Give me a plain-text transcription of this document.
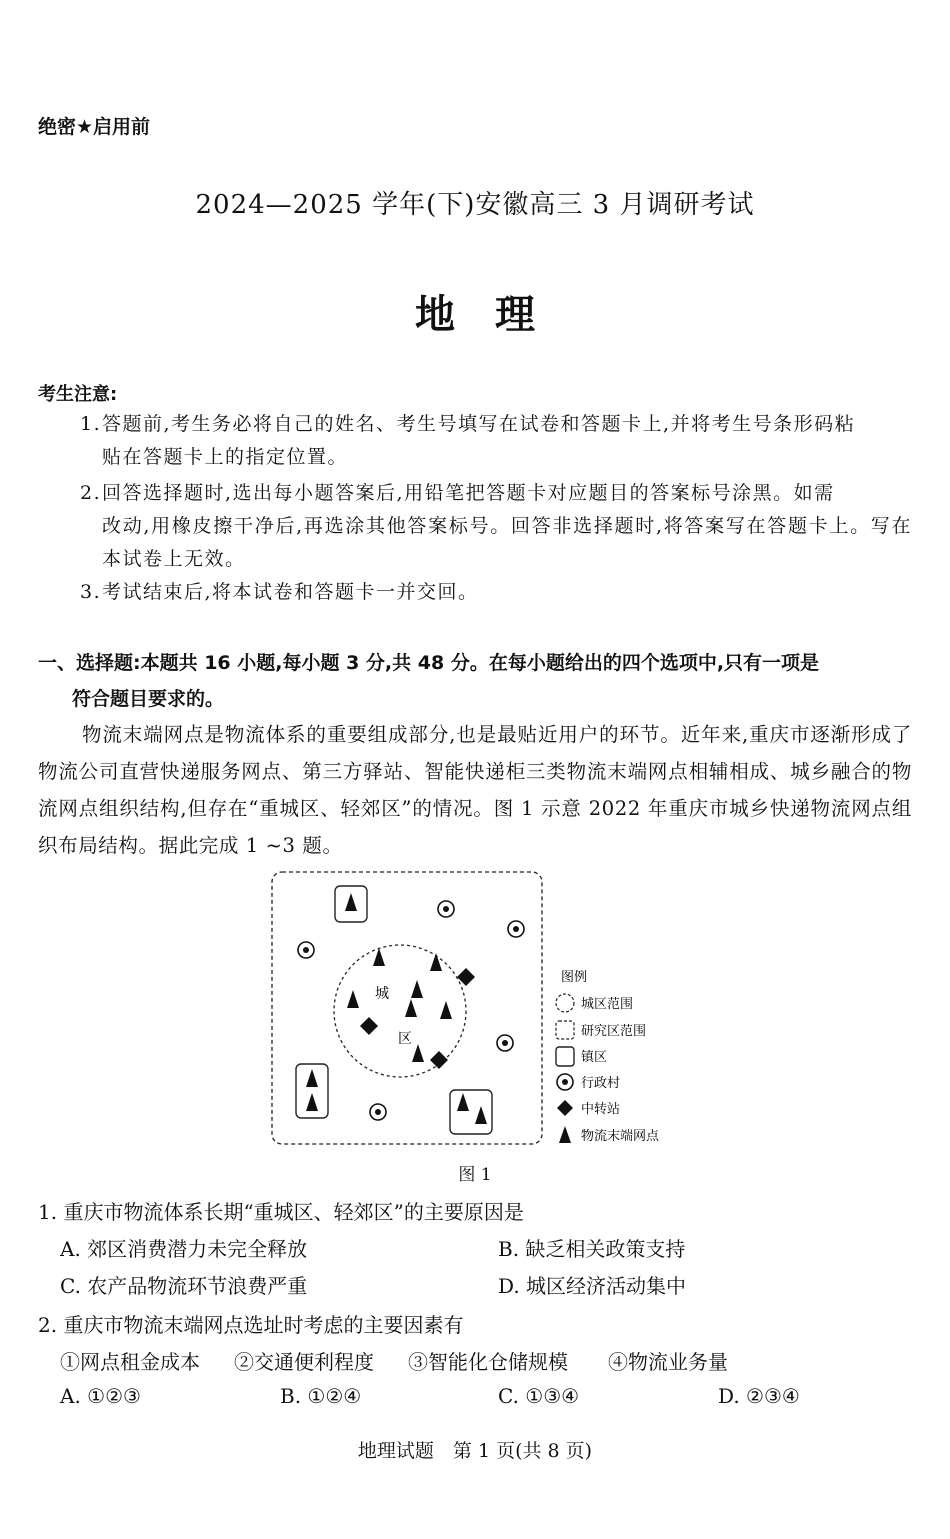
绝密★启用前
2024—2025 学年(下)安徽高三 3 月调研考试
地理
考生注意:
1.答题前,考生务必将自己的姓名、考生号填写在试卷和答题卡上,并将考生号条形码粘
贴在答题卡上的指定位置。
2.回答选择题时,选出每小题答案后,用铅笔把答题卡对应题目的答案标号涂黑。如需
改动,用橡皮擦干净后,再选涂其他答案标号。回答非选择题时,将答案写在答题卡上。写在本试卷上无效。
3.考试结束后,将本试卷和答题卡一并交回。
一、选择题:本题共 16 小题,每小题 3 分,共 48 分。在每小题给出的四个选项中,只有一项是
符合题目要求的。
物流末端网点是物流体系的重要组成部分,也是最贴近用户的环节。近年来,重庆市逐渐形成了物流公司直营快递服务网点、第三方驿站、智能快递柜三类物流末端网点相辅相成、城乡融合的物流网点组织结构,但存在“重城区、轻郊区”的情况。图 1 示意 2022 年重庆市城乡快递物流网点组织布局结构。据此完成 1 ~3 题。
城
区
图例
城区范围
研究区范围
镇区
行政村
中转站
物流末端网点
图 1
1. 重庆市物流体系长期“重城区、轻郊区”的主要原因是
A. 郊区消费潜力未完全释放	B. 缺乏相关政策支持
C. 农产品物流环节浪费严重	D. 城区经济活动集中
2. 重庆市物流末端网点选址时考虑的主要因素有
①网点租金成本 ②交通便利程度 ③智能化仓储规模 ④物流业务量
A. ①②③	B. ①②④	C. ①③④	D. ②③④
地理试题　第 1 页(共 8 页)
